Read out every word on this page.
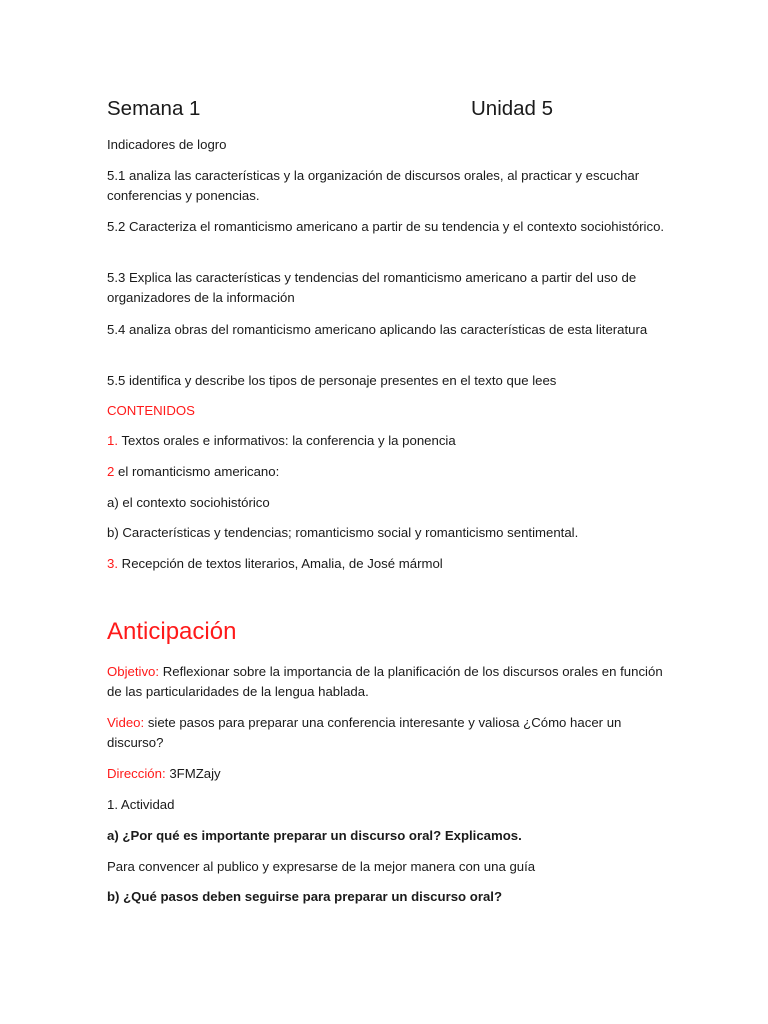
Semana 1	Unidad 5
Indicadores de logro
5.1 analiza las características y la organización de discursos orales, al practicar y escuchar conferencias y ponencias.
5.2 Caracteriza el romanticismo americano a partir de su tendencia y el contexto sociohistórico.
5.3 Explica las características y tendencias del romanticismo americano a partir del uso de organizadores de la información
5.4 analiza obras del romanticismo americano aplicando las características de esta literatura
5.5 identifica y describe los tipos de personaje presentes en el texto que lees
CONTENIDOS
1. Textos orales e informativos: la conferencia y la ponencia
2 el romanticismo americano:
a) el contexto sociohistórico
b) Características y tendencias; romanticismo social y romanticismo sentimental.
3. Recepción de textos literarios, Amalia, de José mármol
Anticipación
Objetivo: Reflexionar sobre la importancia de la planificación de los discursos orales en función de las particularidades de la lengua hablada.
Video: siete pasos para preparar una conferencia interesante y valiosa ¿Cómo hacer un discurso?
Dirección: 3FMZajy
1. Actividad
a) ¿Por qué es importante preparar un discurso oral? Explicamos.
Para convencer al publico y expresarse de la mejor manera con una guía
b) ¿Qué pasos deben seguirse para preparar un discurso oral?
